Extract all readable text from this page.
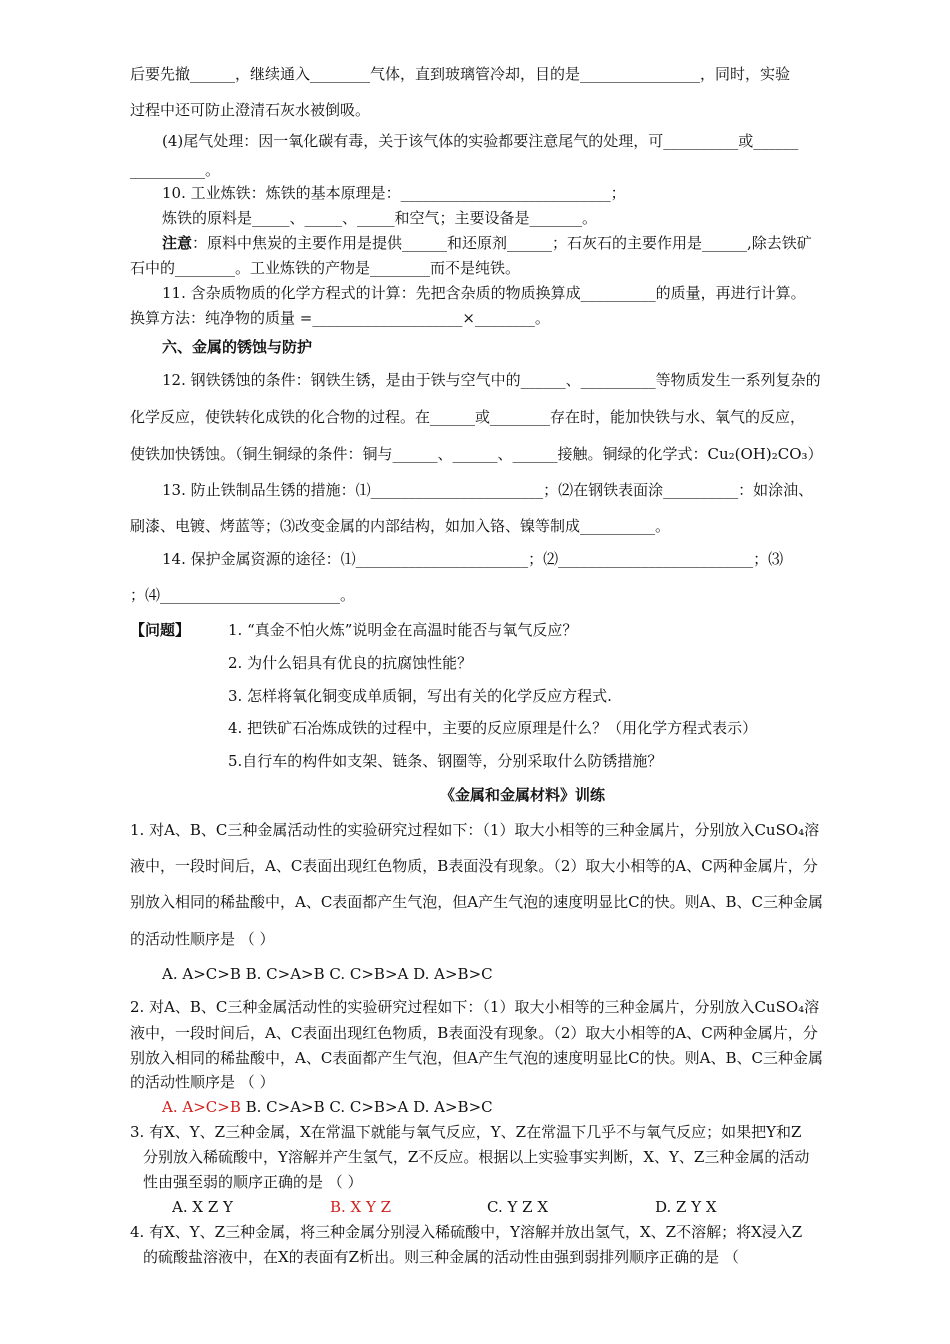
后要先撤______，继续通入________气体，直到玻璃管冷却，目的是________________，同时，实验
过程中还可防止澄清石灰水被倒吸。
(4)尾气处理：因一氧化碳有毒，关于该气体的实验都要注意尾气的处理，可__________或______
__________。
10. 工业炼铁：炼铁的基本原理是：____________________________；
炼铁的原料是_____、_____、_____和空气；主要设备是_______。
注意：原料中焦炭的主要作用是提供______和还原剂______；石灰石的主要作用是______,除去铁矿
石中的________。工业炼铁的产物是________而不是纯铁。
11. 含杂质物质的化学方程式的计算：先把含杂质的物质换算成__________的质量，再进行计算。
换算方法：纯净物的质量 =____________________×________。
六、金属的锈蚀与防护
12. 钢铁锈蚀的条件：钢铁生锈，是由于铁与空气中的______、__________等物质发生一系列复杂的
化学反应，使铁转化成铁的化合物的过程。在______或________存在时，能加快铁与水、氧气的反应，
使铁加快锈蚀。（铜生铜绿的条件：铜与______、______、______接触。铜绿的化学式：Cu₂(OH)₂CO₃）
13. 防止铁制品生锈的措施：⑴_______________________；⑵在钢铁表面涂__________：如涂油、
刷漆、电镀、烤蓝等；⑶改变金属的内部结构，如加入铬、镍等制成__________。
14. 保护金属资源的途径：⑴_______________________；⑵__________________________；⑶
；⑷________________________。
【问题】	1. “真金不怕火炼”说明金在高温时能否与氧气反应？
2. 为什么铝具有优良的抗腐蚀性能？
3. 怎样将氧化铜变成单质铜，写出有关的化学反应方程式.
4. 把铁矿石冶炼成铁的过程中，主要的反应原理是什么？（用化学方程式表示）
5.自行车的构件如支架、链条、钢圈等，分别采取什么防锈措施？
《金属和金属材料》训练
1. 对A、B、C三种金属活动性的实验研究过程如下：（1）取大小相等的三种金属片，分别放入CuSO₄溶
液中，一段时间后，A、C表面出现红色物质，B表面没有现象。（2）取大小相等的A、C两种金属片，分
别放入相同的稀盐酸中，A、C表面都产生气泡，但A产生气泡的速度明显比C的快。则A、B、C三种金属
的活动性顺序是 （ ）
A. A>C>B B. C>A>B C. C>B>A D. A>B>C
2. 对A、B、C三种金属活动性的实验研究过程如下：（1）取大小相等的三种金属片，分别放入CuSO₄溶
液中，一段时间后，A、C表面出现红色物质，B表面没有现象。（2）取大小相等的A、C两种金属片，分
别放入相同的稀盐酸中，A、C表面都产生气泡，但A产生气泡的速度明显比C的快。则A、B、C三种金属
的活动性顺序是 （ ）
A. A>C>B B. C>A>B C. C>B>A D. A>B>C
3. 有X、Y、Z三种金属，X在常温下就能与氧气反应，Y、Z在常温下几乎不与氧气反应；如果把Y和Z
分别放入稀硫酸中，Y溶解并产生氢气，Z不反应。根据以上实验事实判断，X、Y、Z三种金属的活动
性由强至弱的顺序正确的是 （ ）
A. X Z Y	B. X Y Z	C. Y Z X	D. Z Y X
4. 有X、Y、Z三种金属，将三种金属分别浸入稀硫酸中，Y溶解并放出氢气，X、Z不溶解；将X浸入Z
的硫酸盐溶液中，在X的表面有Z析出。则三种金属的活动性由强到弱排列顺序正确的是 （
